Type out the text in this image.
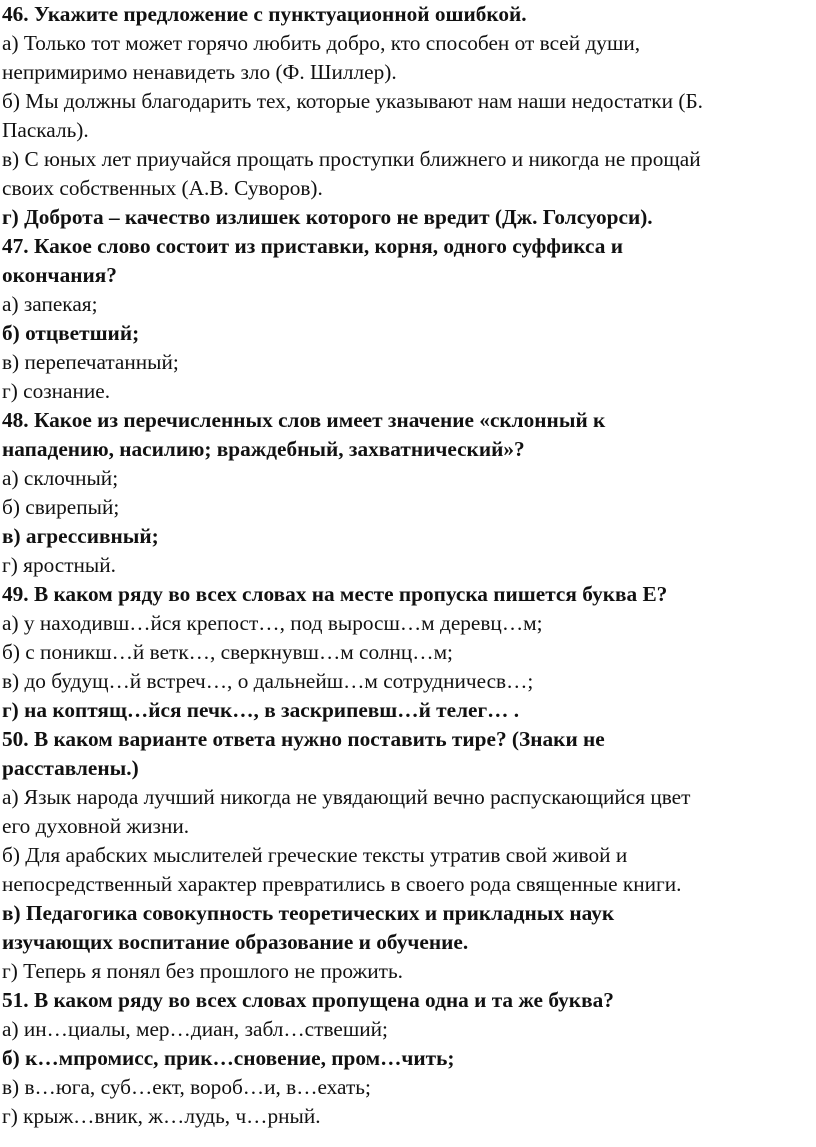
46. Укажите предложение с пунктуационной ошибкой.
а) Только тот может горячо любить добро, кто способен от всей души,
непримиримо ненавидеть зло (Ф. Шиллер).
б) Мы должны благодарить тех, которые указывают нам наши недостатки (Б.
Паскаль).
в) С юных лет приучайся прощать проступки ближнего и никогда не прощай
своих собственных (А.В. Суворов).
г) Доброта – качество излишек которого не вредит (Дж. Голсуорси).
47. Какое слово состоит из приставки, корня, одного суффикса и
окончания?
а) запекая;
б) отцветший;
в) перепечатанный;
г) сознание.
48. Какое из перечисленных слов имеет значение «склонный к
нападению, насилию; враждебный, захватнический»?
а) склочный;
б) свирепый;
в) агрессивный;
г) яростный.
49. В каком ряду во всех словах на месте пропуска пишется буква Е?
а) у находивш…йся крепост…, под выросш…м деревц…м;
б) с поникш…й ветк…, сверкнувш…м солнц…м;
в) до будущ…й встреч…, о дальнейш…м сотрудничесв…;
г) на коптящ…йся печк…, в заскрипевш…й телег… .
50. В каком варианте ответа нужно поставить тире? (Знаки не
расставлены.)
а) Язык народа лучший никогда не увядающий вечно распускающийся цвет
его духовной жизни.
б) Для арабских мыслителей греческие тексты утратив свой живой и
непосредственный характер превратились в своего рода священные книги.
в) Педагогика совокупность теоретических и прикладных наук
изучающих воспитание образование и обучение.
г) Теперь я понял без прошлого не прожить.
51. В каком ряду во всех словах пропущена одна и та же буква?
а) ин…циалы, мер…диан, забл…ствеший;
б) к…мпромисс, прик…сновение, пром…чить;
в) в…юга, суб…ект, вороб…и, в…ехать;
г) крыж…вник, ж…лудь, ч…рный.
